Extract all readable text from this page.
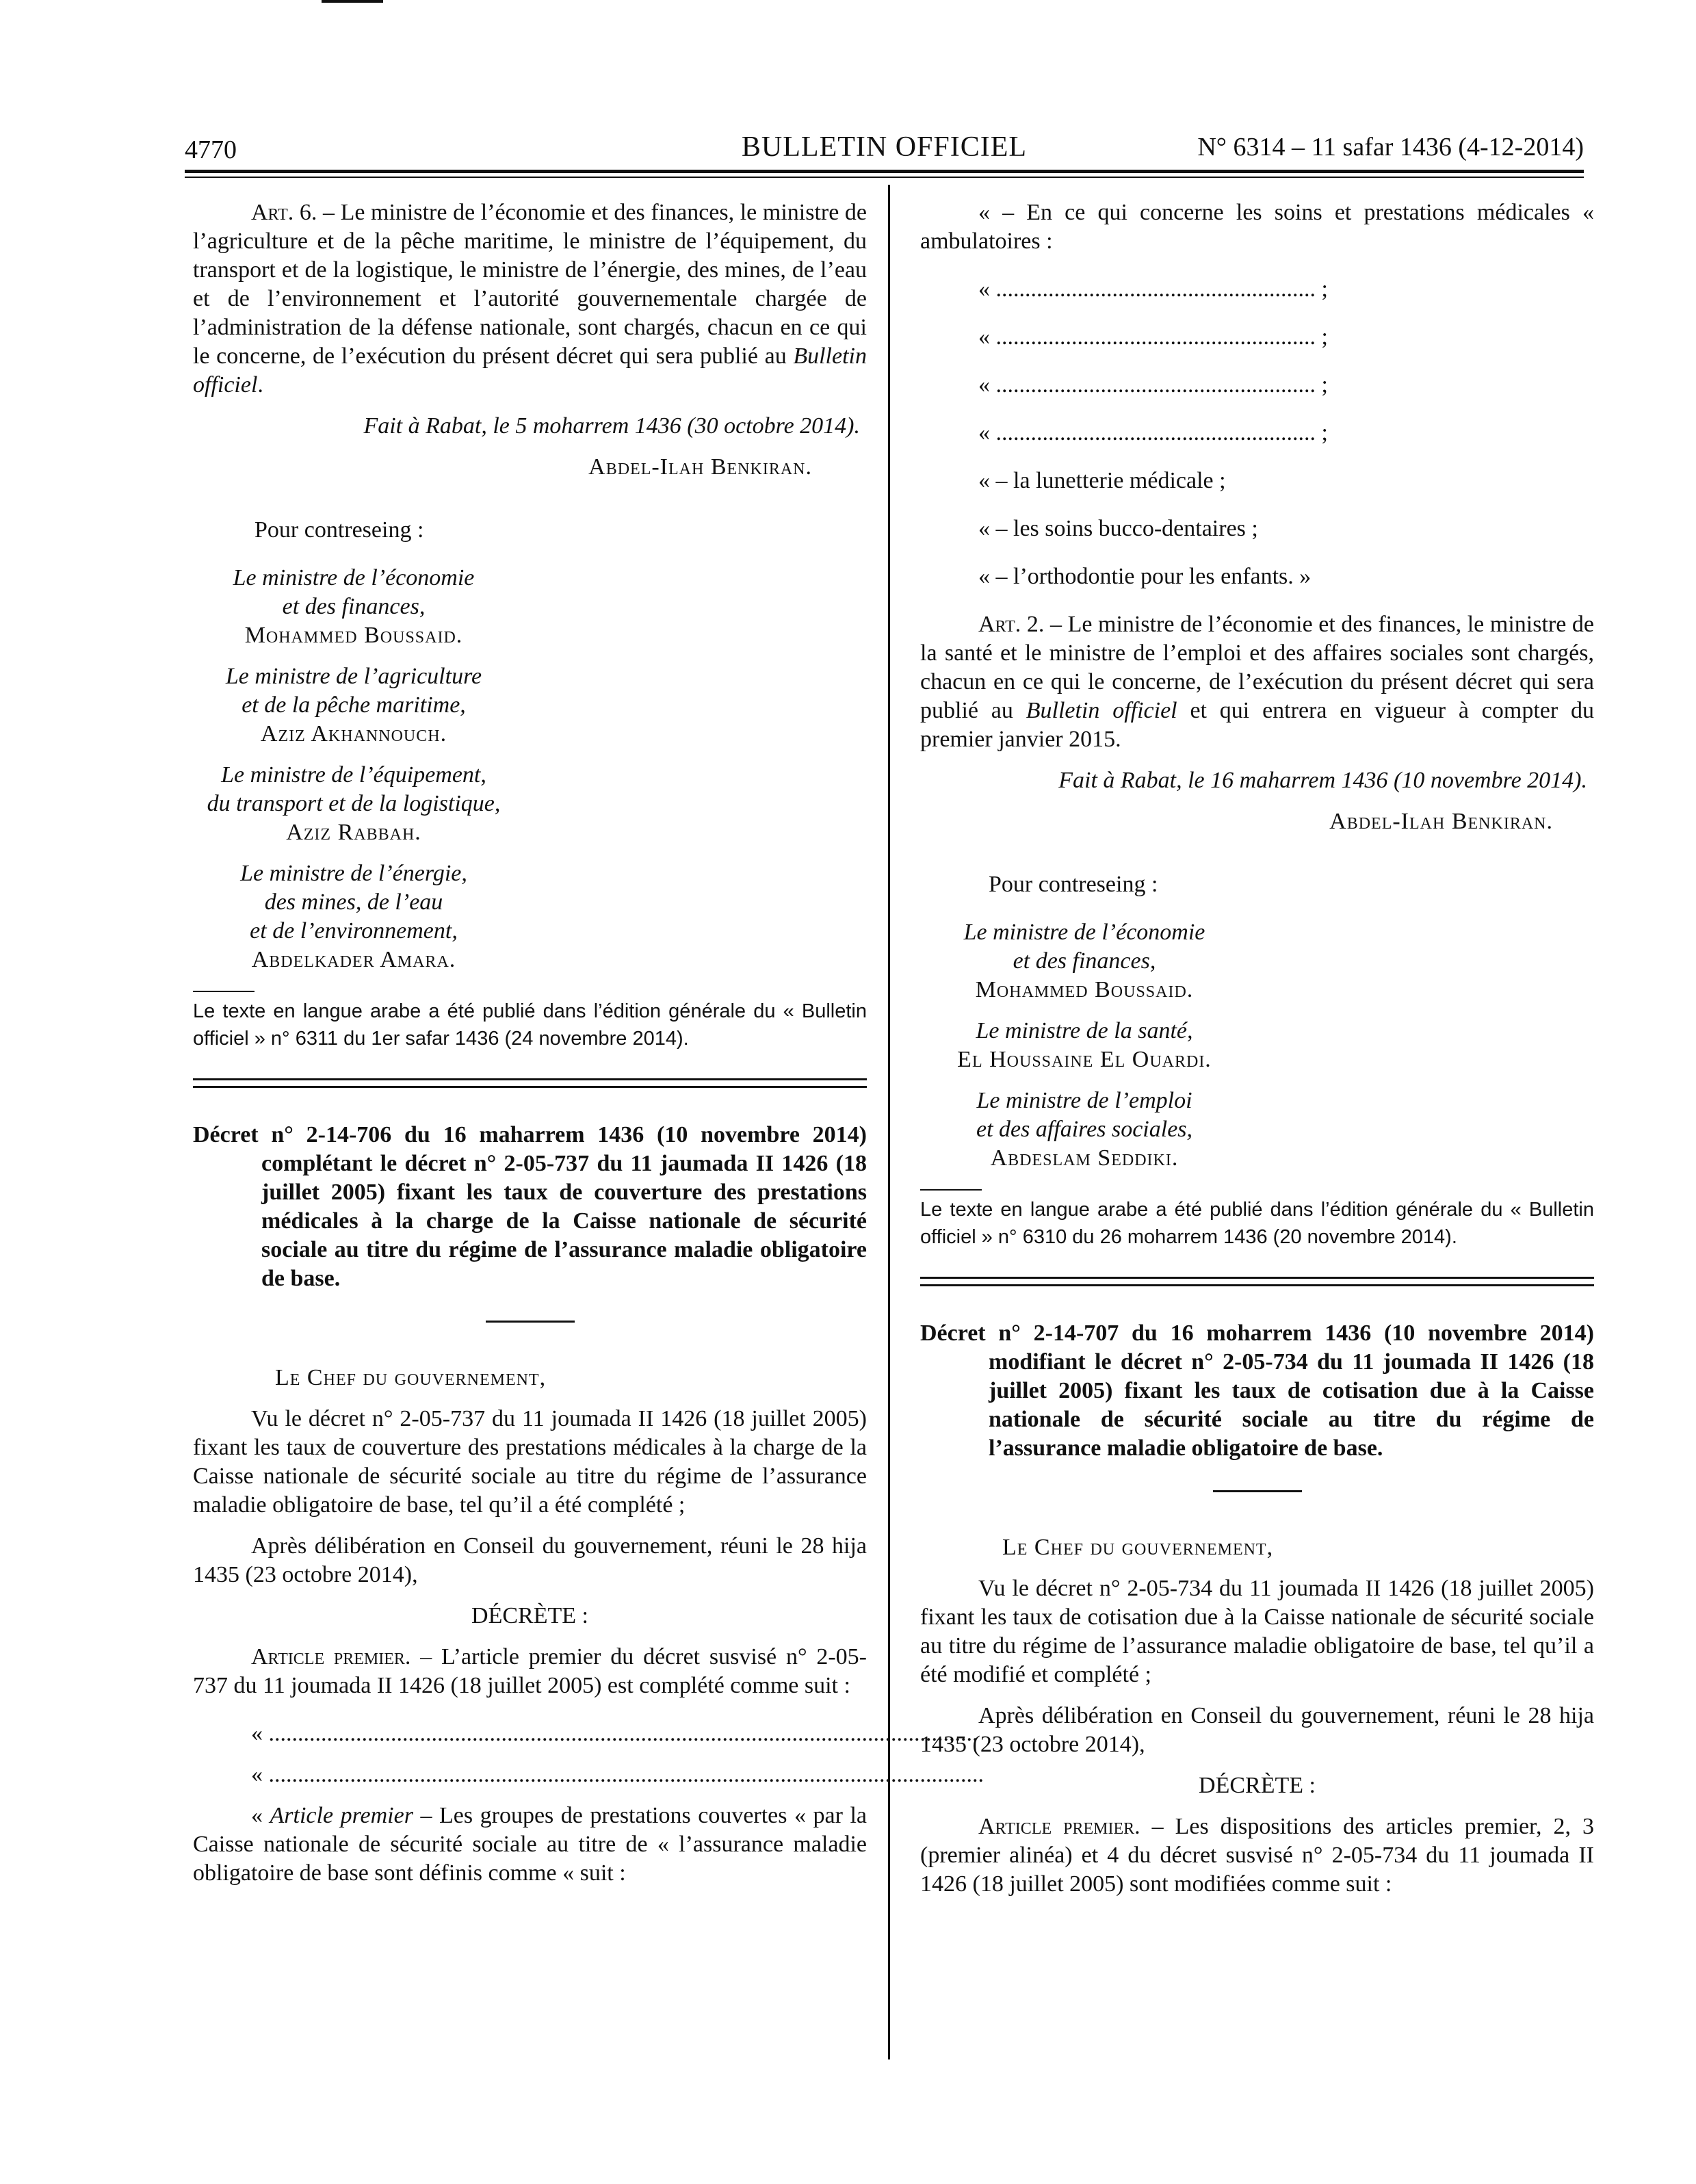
4770	BULLETIN OFFICIEL	N° 6314 – 11 safar 1436 (4-12-2014)

Art. 6. – Le ministre de l’économie et des finances, le ministre de l’agriculture et de la pêche maritime, le ministre de l’équipement, du transport et de la logistique, le ministre de l’énergie, des mines, de l’eau et de l’environnement et l’autorité gouvernementale chargée de l’administration de la défense nationale, sont chargés, chacun en ce qui le concerne, de l’exécution du présent décret qui sera publié au Bulletin officiel.

Fait à Rabat, le 5 moharrem 1436 (30 octobre 2014).

Abdel-Ilah Benkiran.

Pour contreseing :

Le ministre de l’économie

et des finances,

Mohammed Boussaid.

Le ministre de l’agriculture

et de la pêche maritime,

Aziz Akhannouch.

Le ministre de l’équipement,

du transport et de la logistique,

Aziz Rabbah.

Le ministre de l’énergie,

des mines, de l’eau

et de l’environnement,

Abdelkader Amara.

Le texte en langue arabe a été publié dans l’édition générale du « Bulletin officiel » n° 6311 du 1er safar 1436 (24 novembre 2014).

Décret n° 2-14-706 du 16 maharrem 1436 (10 novembre 2014) complétant le décret n° 2-05-737 du 11 jaumada II 1426 (18 juillet 2005) fixant les taux de couverture des prestations médicales à la charge de la Caisse nationale de sécurité sociale au titre du régime de l’assurance maladie obligatoire de base.

Le Chef du gouvernement,

Vu le décret n° 2-05-737 du 11 joumada II 1426 (18 juillet 2005) fixant les taux de couverture des prestations médicales à la charge de la Caisse nationale de sécurité sociale au titre du régime de l’assurance maladie obligatoire de base, tel qu’il a été complété ;

Après délibération en Conseil du gouvernement, réuni le 28 hija 1435 (23 octobre 2014),

DÉCRÈTE :

Article premier. – L’article premier du décret susvisé n° 2-05-737 du 11 joumada II 1426 (18 juillet 2005) est complété comme suit :

« ..........................................................................................................................

« ...........................................................................................................................

« Article premier – Les groupes de prestations couvertes « par la Caisse nationale de sécurité sociale au titre de « l’assurance maladie obligatoire de base sont définis comme « suit :

« – En ce qui concerne les soins et prestations médicales « ambulatoires :

« ....................................................... ;

« ....................................................... ;

« ....................................................... ;

« ....................................................... ;

« – la lunetterie médicale ;

« – les soins bucco-dentaires ;

« – l’orthodontie pour les enfants. »

Art. 2. – Le ministre de l’économie et des finances, le ministre de la santé et le ministre de l’emploi et des affaires sociales sont chargés, chacun en ce qui le concerne, de l’exécution du présent décret qui sera publié au Bulletin officiel et qui entrera en vigueur à compter du premier janvier 2015.

Fait à Rabat, le 16 maharrem 1436 (10 novembre 2014).

Abdel-Ilah Benkiran.

Pour contreseing :

Le ministre de l’économie

et des finances,

Mohammed Boussaid.

Le ministre de la santé,

El Houssaine El Ouardi.

Le ministre de l’emploi

et des affaires sociales,

Abdeslam Seddiki.

Le texte en langue arabe a été publié dans l’édition générale du « Bulletin officiel » n° 6310 du 26 moharrem 1436 (20 novembre 2014).

Décret n° 2-14-707 du 16 moharrem 1436 (10 novembre 2014) modifiant le décret n° 2-05-734 du 11 joumada II 1426 (18 juillet 2005) fixant les taux de cotisation due à la Caisse nationale de sécurité sociale au titre du régime de l’assurance maladie obligatoire de base.

Le Chef du gouvernement,

Vu le décret n° 2-05-734 du 11 joumada II 1426 (18 juillet 2005) fixant les taux de cotisation due à la Caisse nationale de sécurité sociale au titre du régime de l’assurance maladie obligatoire de base, tel qu’il a été modifié et complété ;

Après délibération en Conseil du gouvernement, réuni le 28 hija 1435 (23 octobre 2014),

DÉCRÈTE :

Article premier. – Les dispositions des articles premier, 2, 3 (premier alinéa) et 4 du décret susvisé n° 2-05-734 du 11 joumada II 1426 (18 juillet 2005) sont modifiées comme suit :
